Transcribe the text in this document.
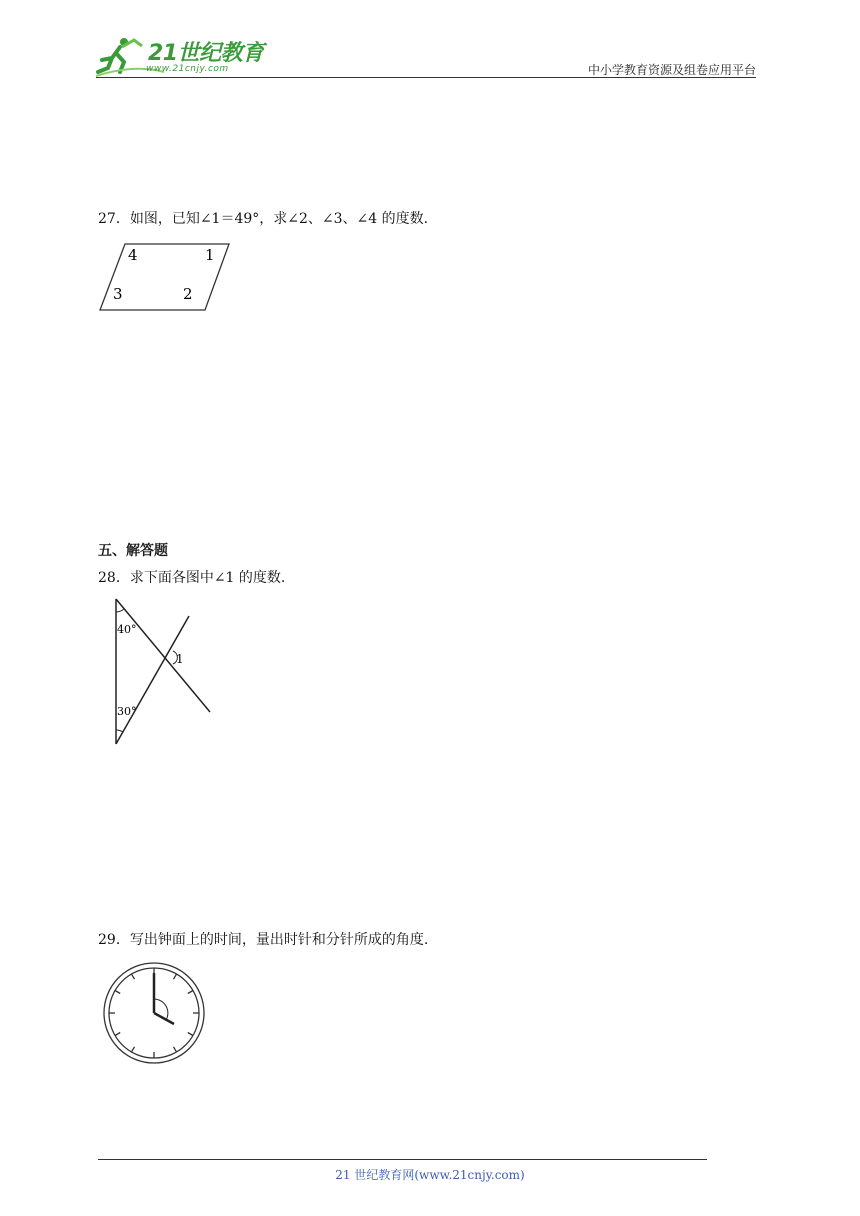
21世纪教育
www.21cnjy.com	中小学教育资源及组卷应用平台
27．如图，已知∠1＝49°，求∠2、∠3、∠4 的度数.
4	1
3	2
五、解答题
28．求下面各图中∠1 的度数.
40°
30°
1
29．写出钟面上的时间，量出时针和分针所成的角度.
21 世纪教育网(www.21cnjy.com)
